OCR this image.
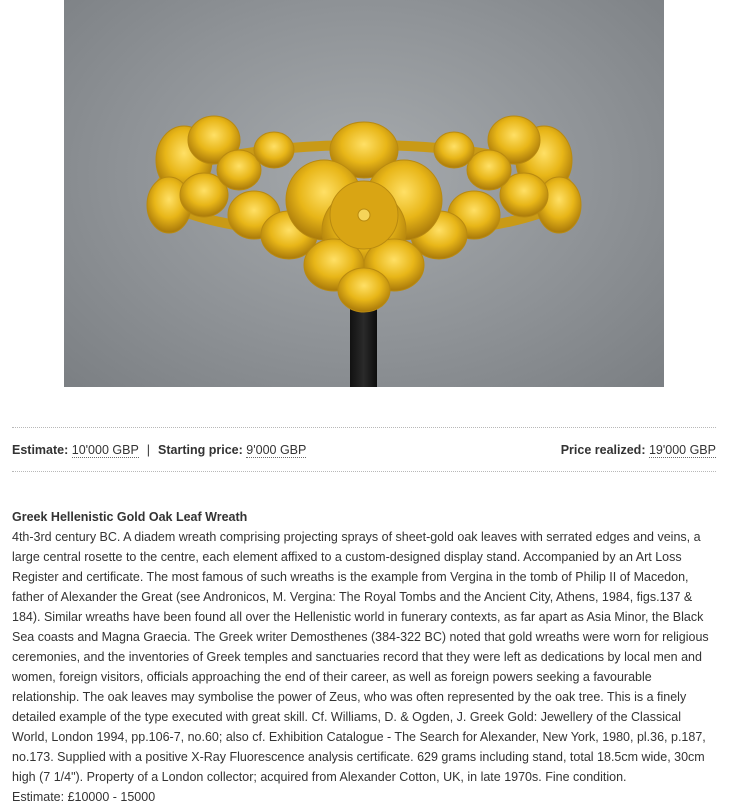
Estimate: 10'000 GBP | Starting price: 9'000 GBP	Price realized: 19'000 GBP
Greek Hellenistic Gold Oak Leaf Wreath

4th-3rd century BC. A diadem wreath comprising projecting sprays of sheet-gold oak leaves with serrated edges and veins, a large central rosette to the centre, each element affixed to a custom-designed display stand. Accompanied by an Art Loss Register and certificate. The most famous of such wreaths is the example from Vergina in the tomb of Philip II of Macedon, father of Alexander the Great (see Andronicos, M. Vergina: The Royal Tombs and the Ancient City, Athens, 1984, figs.137 & 184). Similar wreaths have been found all over the Hellenistic world in funerary contexts, as far apart as Asia Minor, the Black Sea coasts and Magna Graecia. The Greek writer Demosthenes (384-322 BC) noted that gold wreaths were worn for religious ceremonies, and the inventories of Greek temples and sanctuaries record that they were left as dedications by local men and women, foreign visitors, officials approaching the end of their career, as well as foreign powers seeking a favourable relationship. The oak leaves may symbolise the power of Zeus, who was often represented by the oak tree. This is a finely detailed example of the type executed with great skill. Cf. Williams, D. & Ogden, J. Greek Gold: Jewellery of the Classical World, London 1994, pp.106-7, no.60; also cf. Exhibition Catalogue - The Search for Alexander, New York, 1980, pl.36, p.187, no.173. Supplied with a positive X-Ray Fluorescence analysis certificate. 629 grams including stand, total 18.5cm wide, 30cm high (7 1/4"). Property of a London collector; acquired from Alexander Cotton, UK, in late 1970s. Fine condition.

Estimate: £10000 - 15000
